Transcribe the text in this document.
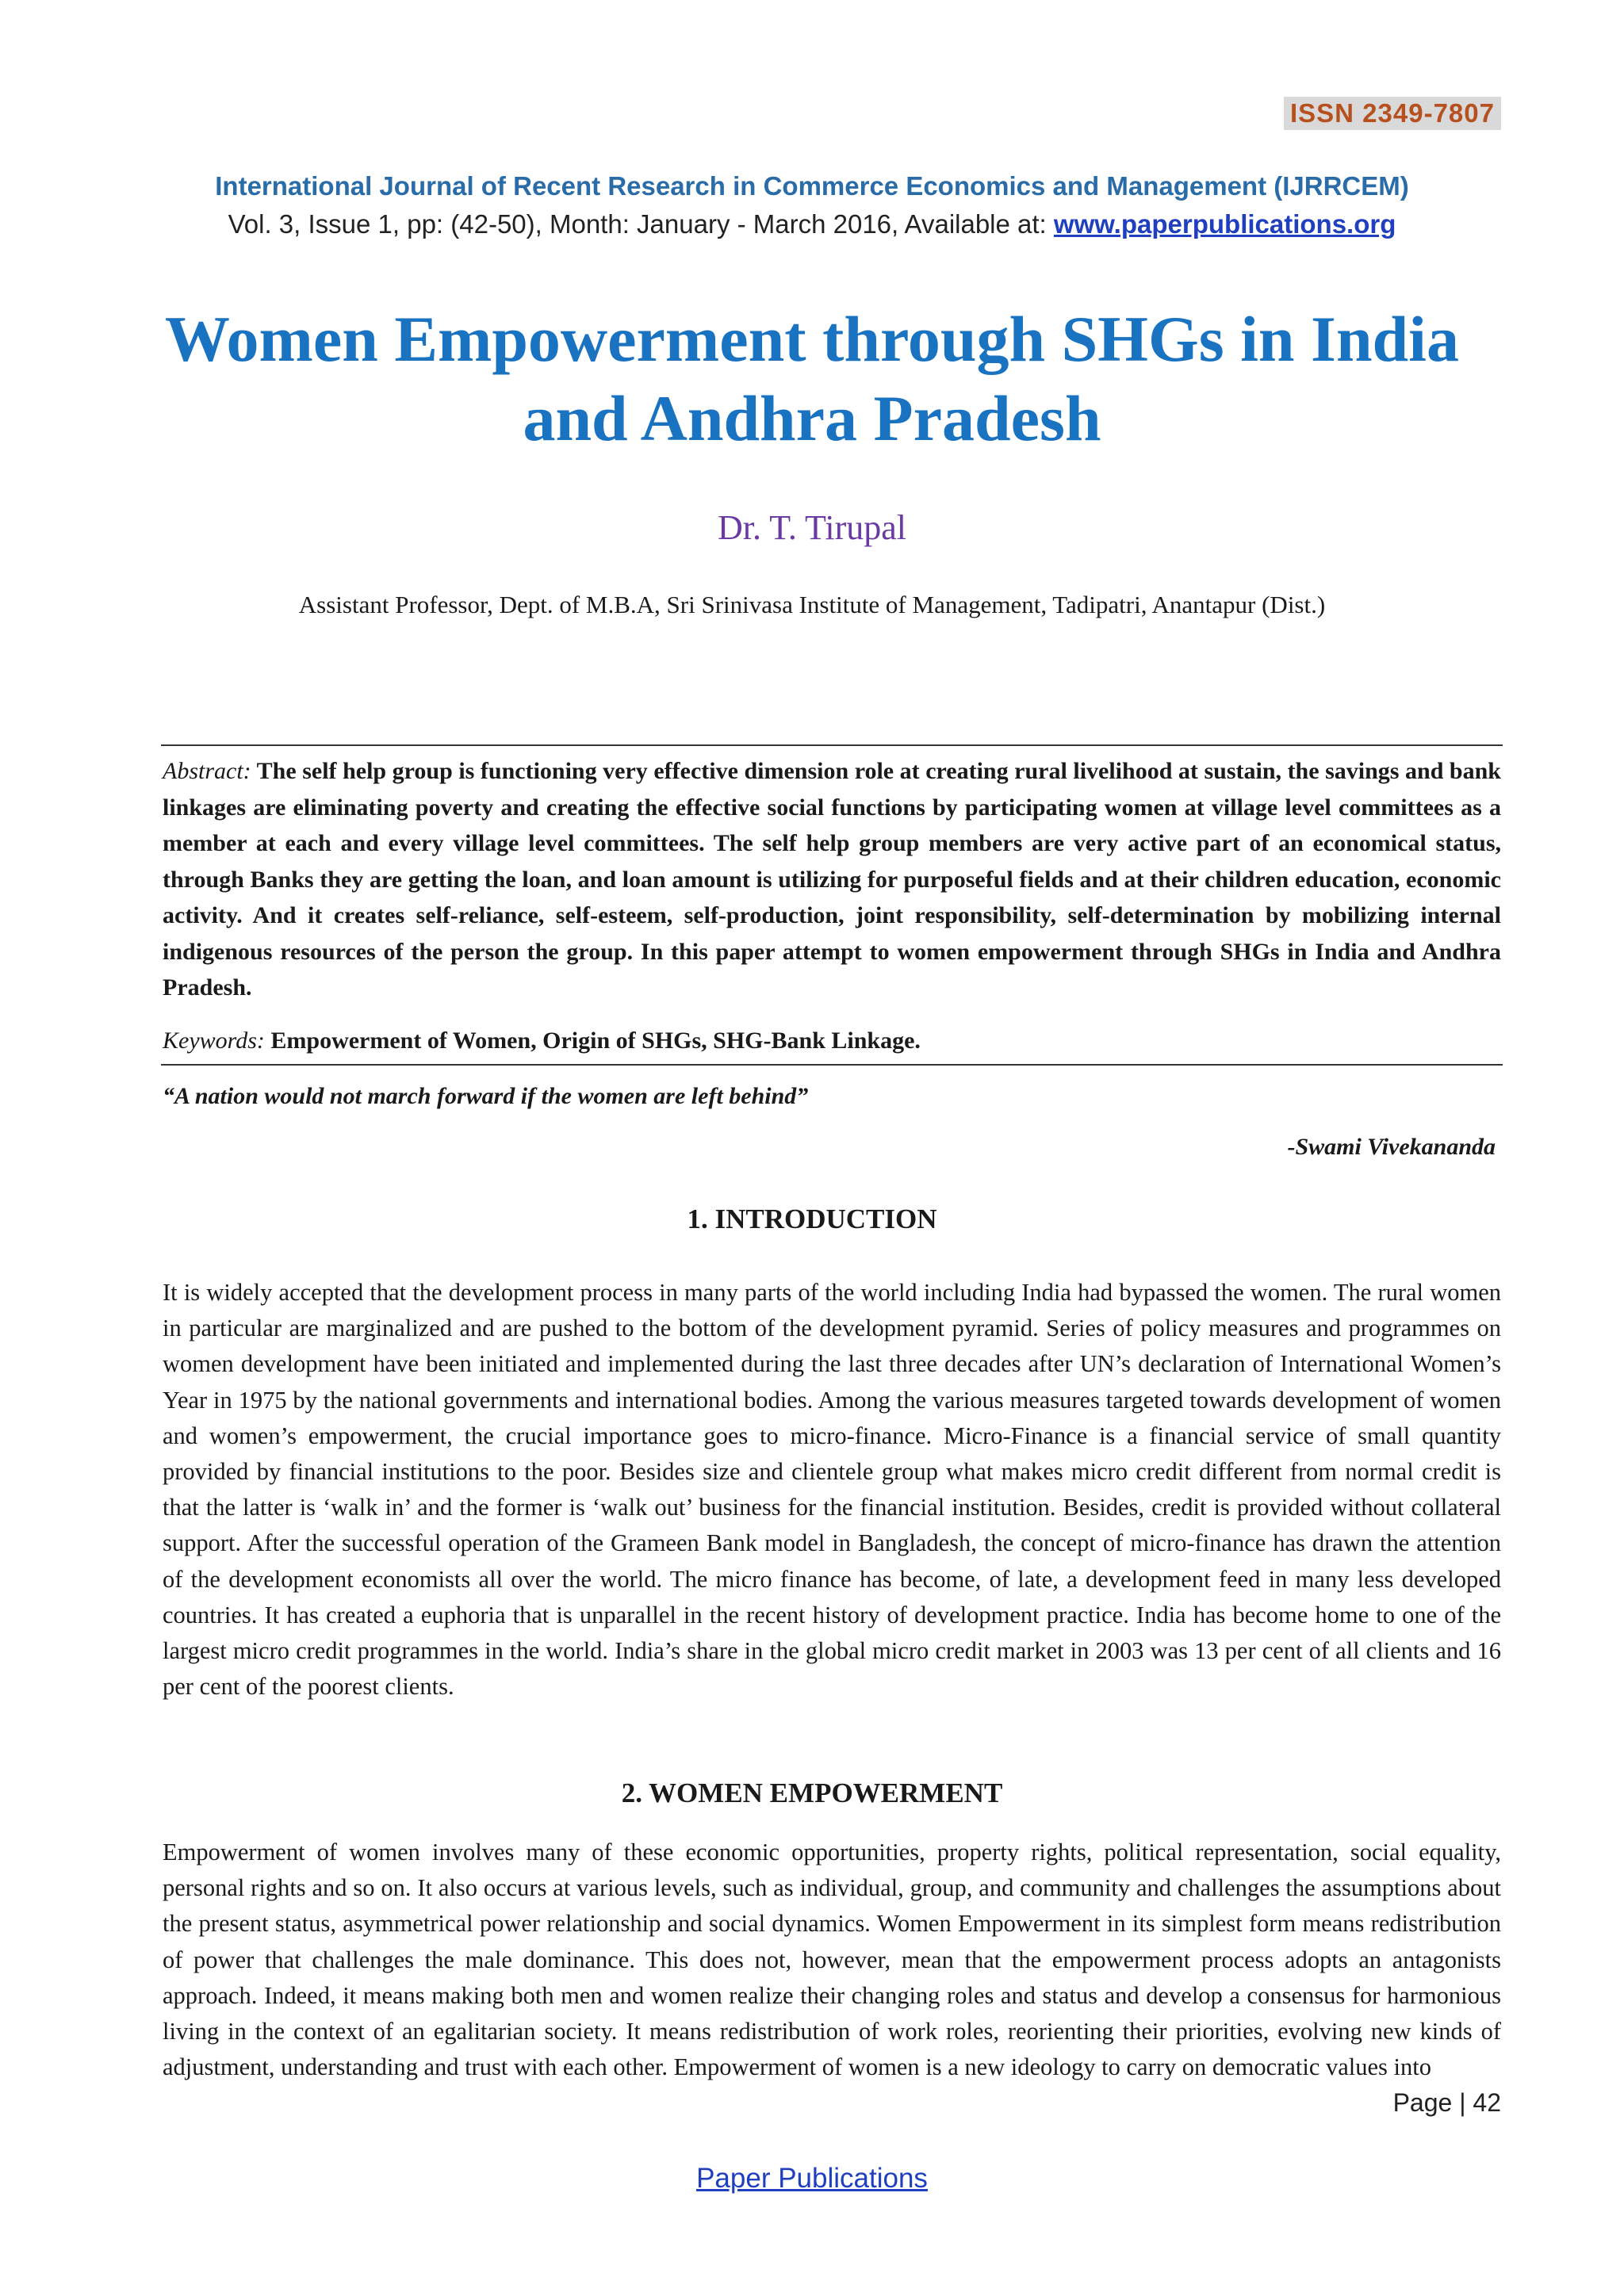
ISSN 2349-7807
International Journal of Recent Research in Commerce Economics and Management (IJRRCEM)
Vol. 3, Issue 1, pp: (42-50), Month: January - March 2016, Available at: www.paperpublications.org
Women Empowerment through SHGs in India and Andhra Pradesh
Dr. T. Tirupal
Assistant Professor, Dept. of M.B.A, Sri Srinivasa Institute of Management, Tadipatri, Anantapur (Dist.)
Abstract: The self help group is functioning very effective dimension role at creating rural livelihood at sustain, the savings and bank linkages are eliminating poverty and creating the effective social functions by participating women at village level committees as a member at each and every village level committees. The self help group members are very active part of an economical status, through Banks they are getting the loan, and loan amount is utilizing for purposeful fields and at their children education, economic activity. And it creates self-reliance, self-esteem, self-production, joint responsibility, self-determination by mobilizing internal indigenous resources of the person the group. In this paper attempt to women empowerment through SHGs in India and Andhra Pradesh.
Keywords: Empowerment of Women, Origin of SHGs, SHG-Bank Linkage.
“A nation would not march forward if the women are left behind”
-Swami Vivekananda
1. INTRODUCTION
It is widely accepted that the development process in many parts of the world including India had bypassed the women. The rural women in particular are marginalized and are pushed to the bottom of the development pyramid. Series of policy measures and programmes on women development have been initiated and implemented during the last three decades after UN’s declaration of International Women’s Year in 1975 by the national governments and international bodies. Among the various measures targeted towards development of women and women’s empowerment, the crucial importance goes to micro-finance. Micro-Finance is a financial service of small quantity provided by financial institutions to the poor. Besides size and clientele group what makes micro credit different from normal credit is that the latter is ‘walk in’ and the former is ‘walk out’ business for the financial institution. Besides, credit is provided without collateral support. After the successful operation of the Grameen Bank model in Bangladesh, the concept of micro-finance has drawn the attention of the development economists all over the world. The micro finance has become, of late, a development feed in many less developed countries. It has created a euphoria that is unparallel in the recent history of development practice. India has become home to one of the largest micro credit programmes in the world. India’s share in the global micro credit market in 2003 was 13 per cent of all clients and 16 per cent of the poorest clients.
2. WOMEN EMPOWERMENT
Empowerment of women involves many of these economic opportunities, property rights, political representation, social equality, personal rights and so on. It also occurs at various levels, such as individual, group, and community and challenges the assumptions about the present status, asymmetrical power relationship and social dynamics. Women Empowerment in its simplest form means redistribution of power that challenges the male dominance. This does not, however, mean that the empowerment process adopts an antagonists approach. Indeed, it means making both men and women realize their changing roles and status and develop a consensus for harmonious living in the context of an egalitarian society. It means redistribution of work roles, reorienting their priorities, evolving new kinds of adjustment, understanding and trust with each other. Empowerment of women is a new ideology to carry on democratic values into
Page | 42
Paper Publications
